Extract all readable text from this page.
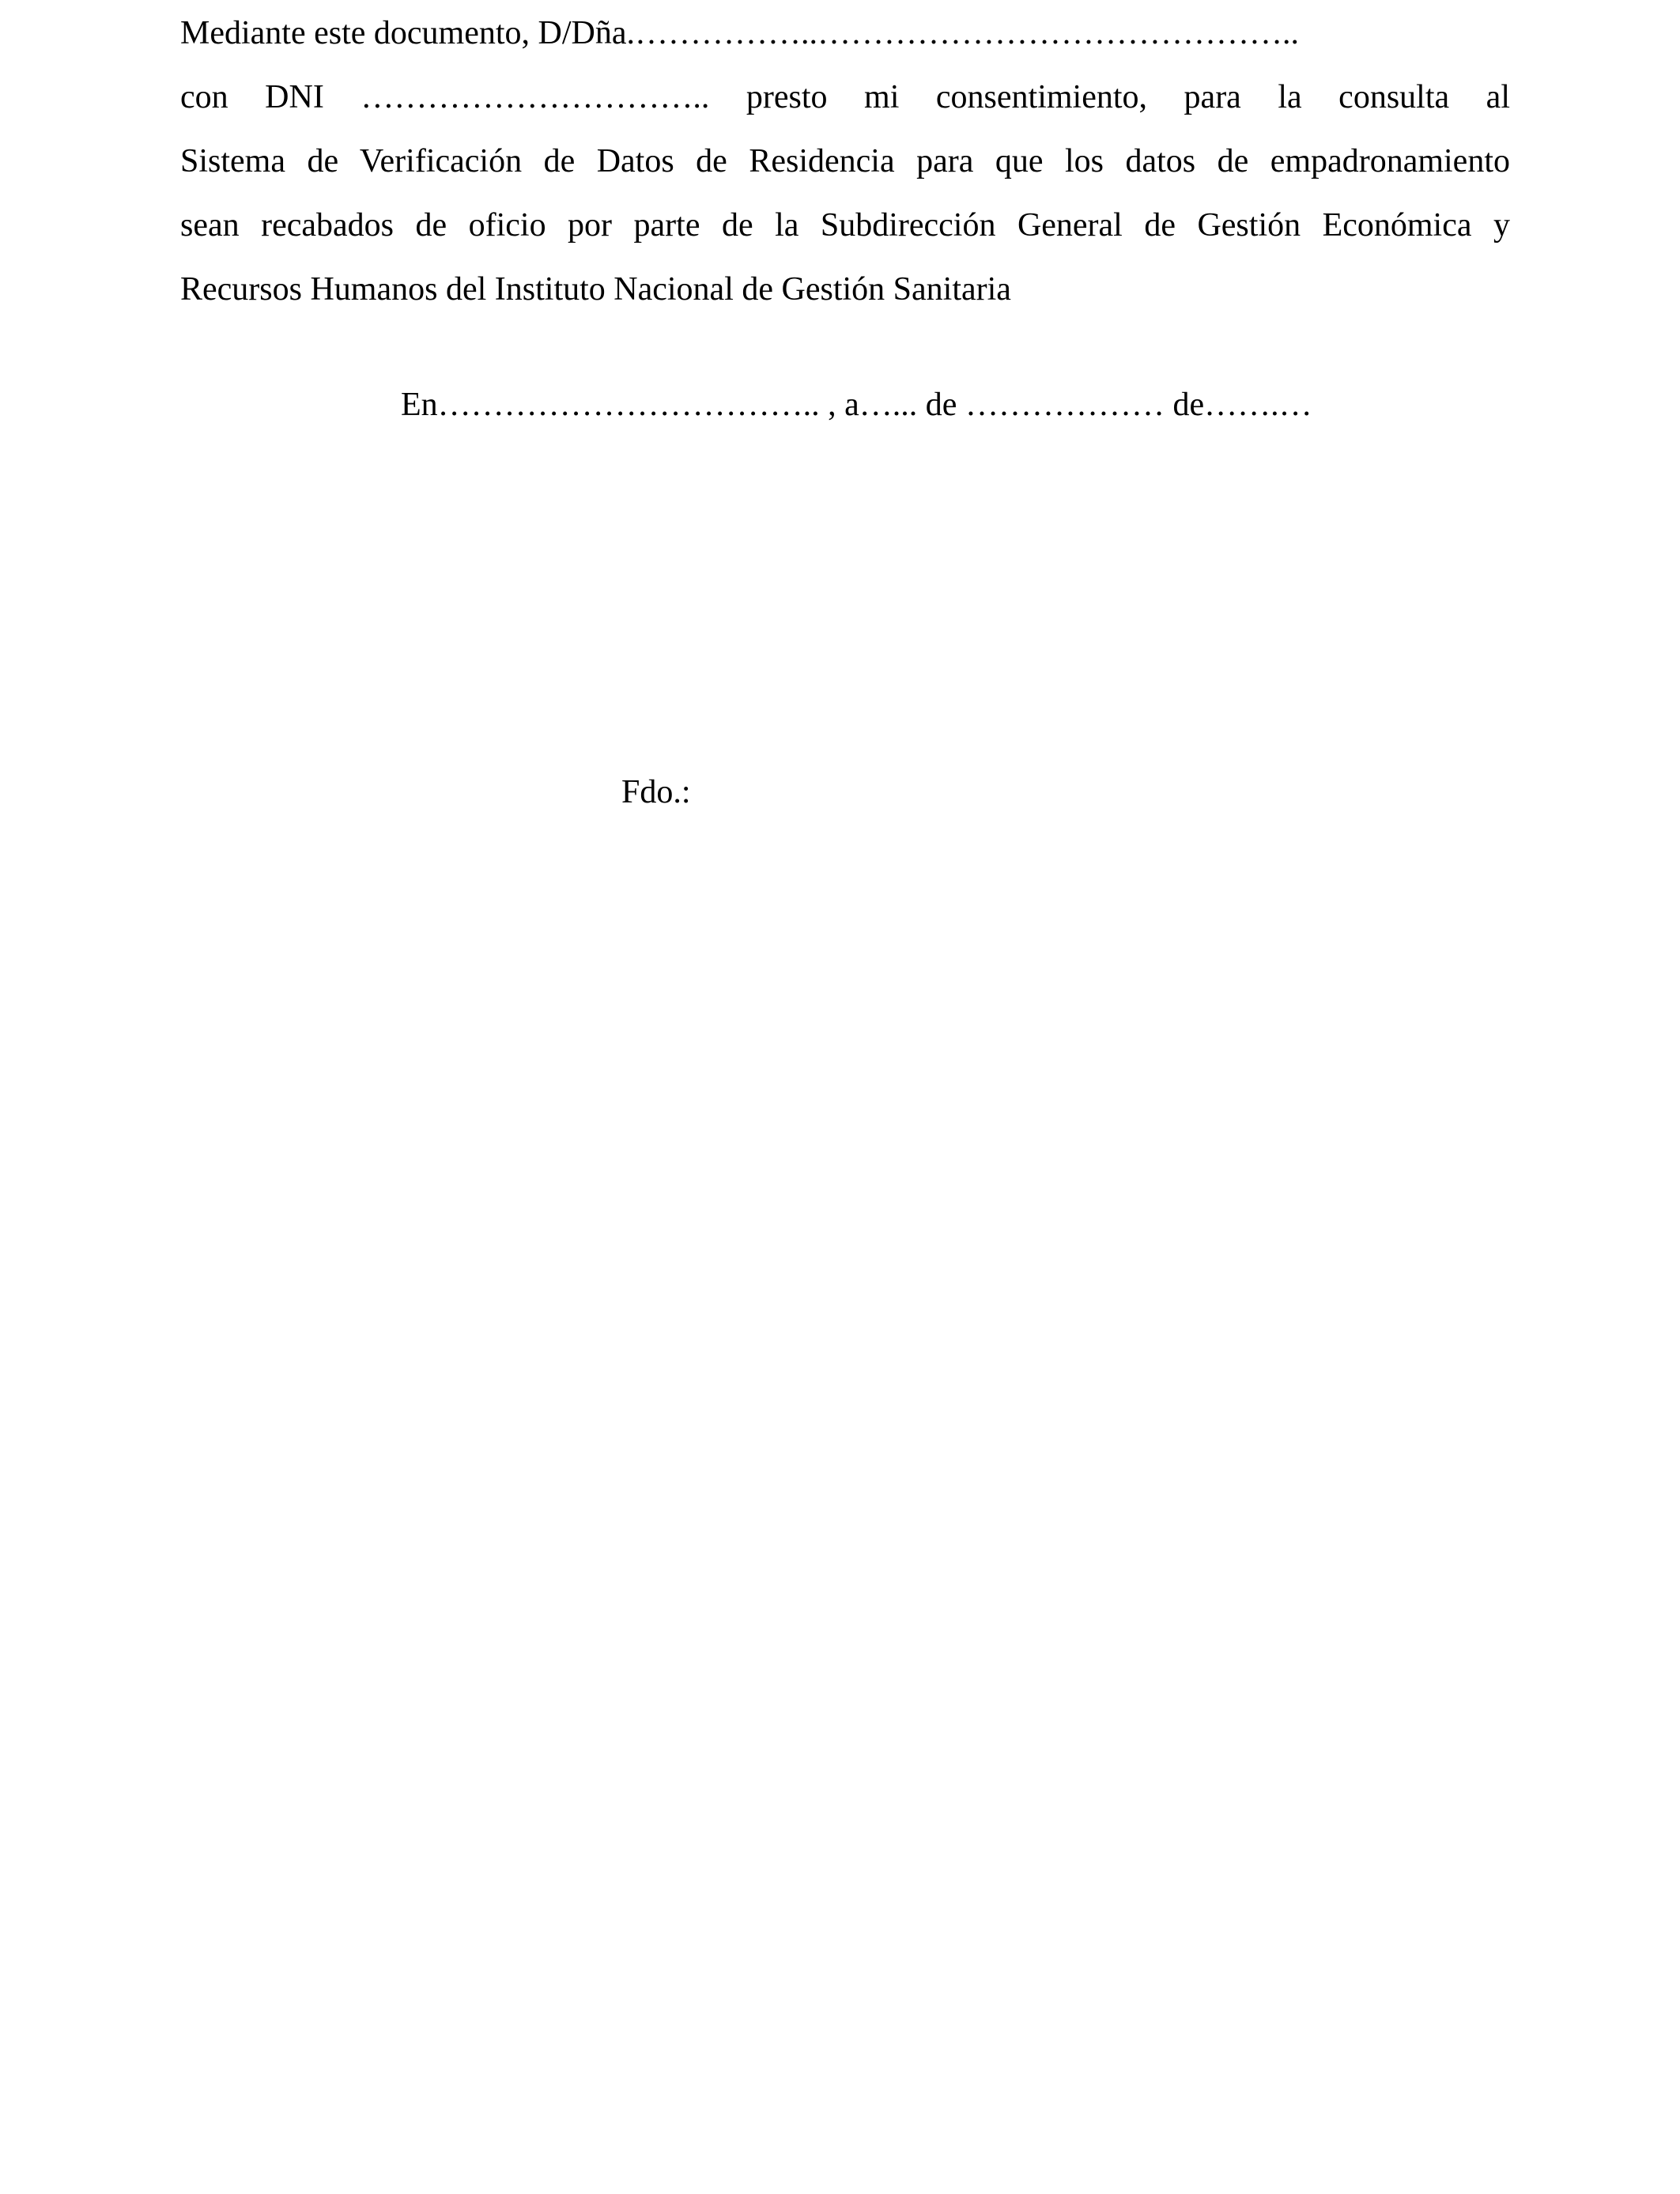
Mediante este documento, D/Dña.……………..……………………………………..
con DNI ………………………….. presto mi consentimiento, para la consulta al
Sistema de Verificación de Datos de Residencia para que los datos de empadronamiento
sean recabados de oficio por parte de la Subdirección General de Gestión Económica y
Recursos Humanos del Instituto Nacional de Gestión Sanitaria
En…………………………….. , a…... de ……………… de…….…
Fdo.:
